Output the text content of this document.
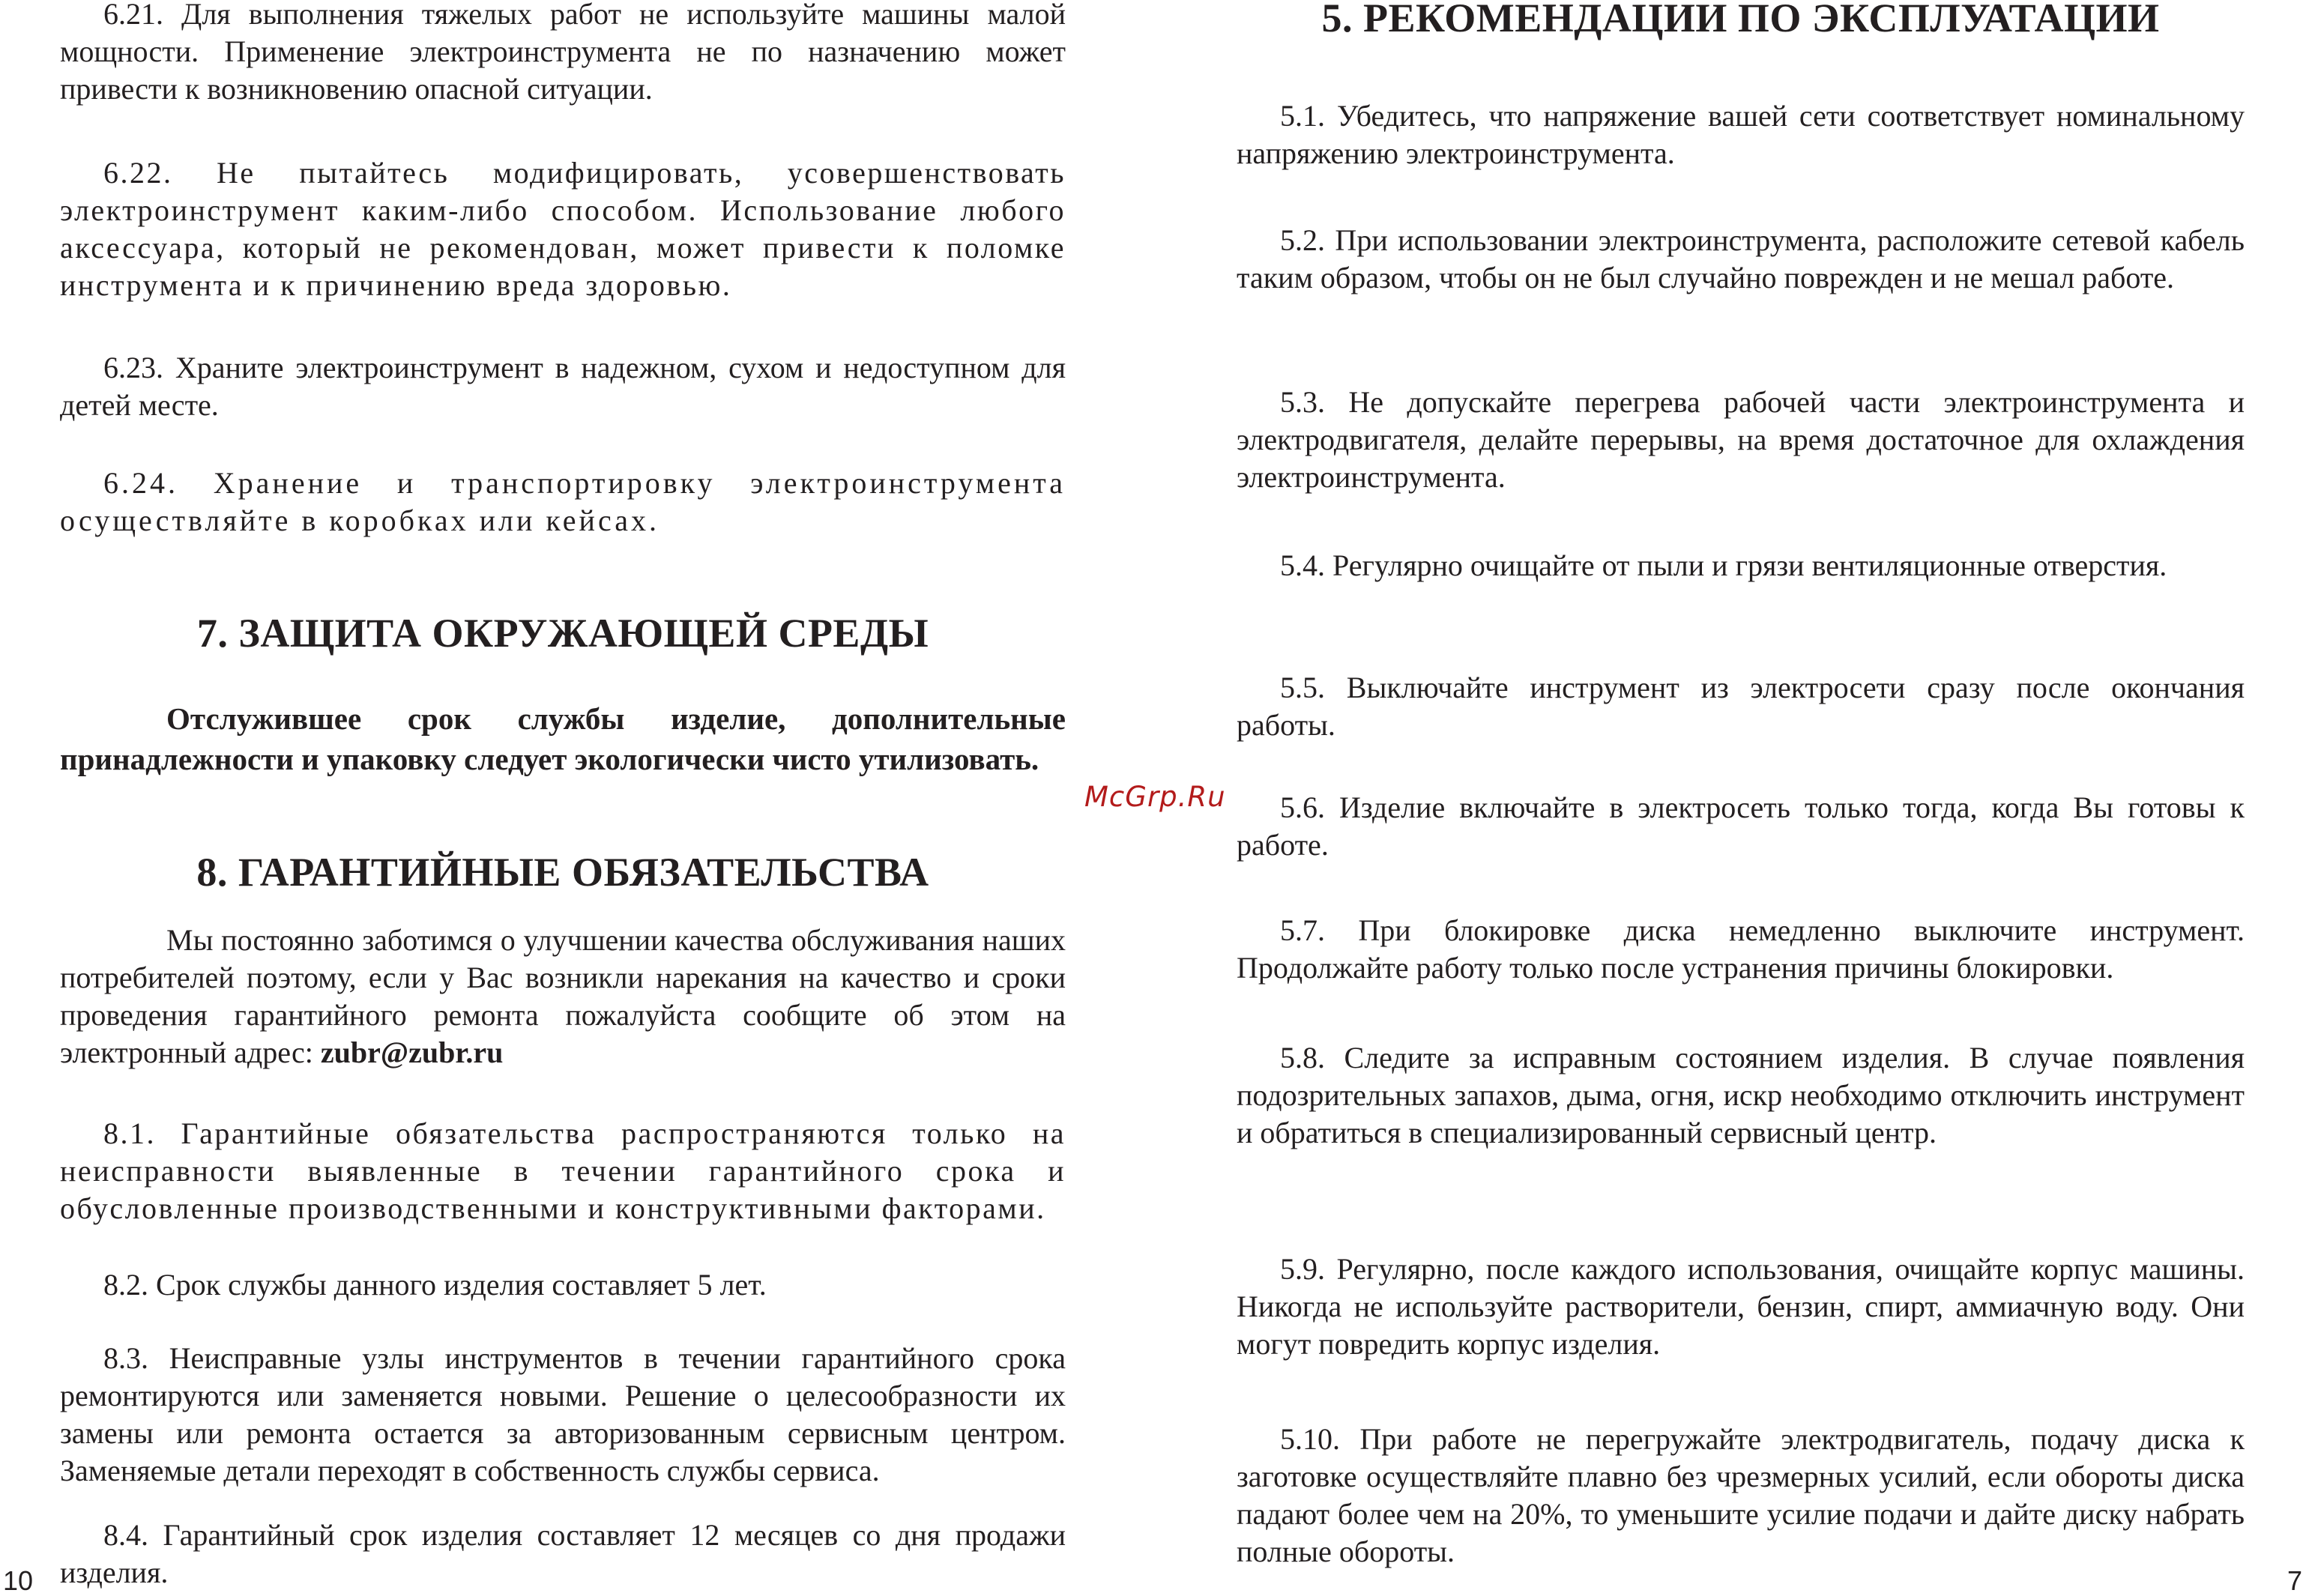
6.21. Для выполнения тяжелых работ не используйте машины малой мощности. Применение электроинструмента не по назначению может привести к возникновению опасной ситуации.

6.22. Не пытайтесь модифицировать, усовершенствовать электроинструмент каким-либо способом. Использование любого аксессуара, который не рекомендован, может привести к поломке инструмента и к причинению вреда здоровью.

6.23. Храните электроинструмент в надежном, сухом и недоступном для детей месте.

6.24. Хранение и транспортировку электроинструмента осуществляйте в коробках или кейсах.

7. ЗАЩИТА ОКРУЖАЮЩЕЙ СРЕДЫ

Отслужившее срок службы изделие, дополнительные принадлежности и упаковку следует экологически чисто утилизовать.

8. ГАРАНТИЙНЫЕ ОБЯЗАТЕЛЬСТВА

Мы постоянно заботимся о улучшении качества обслуживания наших потребителей поэтому, если у Вас возникли нарекания на качество и сроки проведения гарантийного ремонта пожалуйста сообщите об этом на электронный адрес: zubr@zubr.ru

8.1. Гарантийные обязательства распространяются только на неисправности выявленные в течении гарантийного срока и обусловленные производственными и конструктивными факторами.

8.2. Срок службы данного изделия составляет 5 лет.

8.3. Неисправные узлы инструментов в течении гарантийного срока ремонтируются или заменяется новыми. Решение о целесообразности их замены или ремонта остается за авторизованным сервисным центром. Заменяемые детали переходят в собственность службы сервиса.

8.4. Гарантийный срок изделия составляет 12 месяцев со дня продажи изделия.

10
McGrp.Ru
5. РЕКОМЕНДАЦИИ ПО ЭКСПЛУАТАЦИИ

5.1. Убедитесь, что напряжение вашей сети соответствует номинальному напряжению электроинструмента.

5.2. При использовании электроинструмента, расположите сетевой кабель таким образом, чтобы он не был случайно поврежден и не мешал работе.

5.3. Не допускайте перегрева рабочей части электроинструмента и электродвигателя, делайте перерывы, на время достаточное для охлаждения электроинструмента.

5.4. Регулярно очищайте от пыли и грязи вентиляционные отверстия.

5.5. Выключайте инструмент из электросети сразу после окончания работы.

5.6. Изделие включайте в электросеть только тогда, когда Вы готовы к работе.

5.7. При блокировке диска немедленно выключите инструмент. Продолжайте работу только после устранения причины блокировки.

5.8. Следите за исправным состоянием изделия. В случае появления подозрительных запахов, дыма, огня, искр необходимо отключить инструмент и обратиться в специализированный сервисный центр.

5.9. Регулярно, после каждого использования, очищайте корпус машины. Никогда не используйте растворители, бензин, спирт, аммиачную воду. Они могут повредить корпус изделия.

5.10. При работе не перегружайте электродвигатель, подачу диска к заготовке осуществляйте плавно без чрезмерных усилий, если обороты диска падают более чем на 20%, то уменьшите усилие подачи и дайте диску набрать полные обороты.

7
